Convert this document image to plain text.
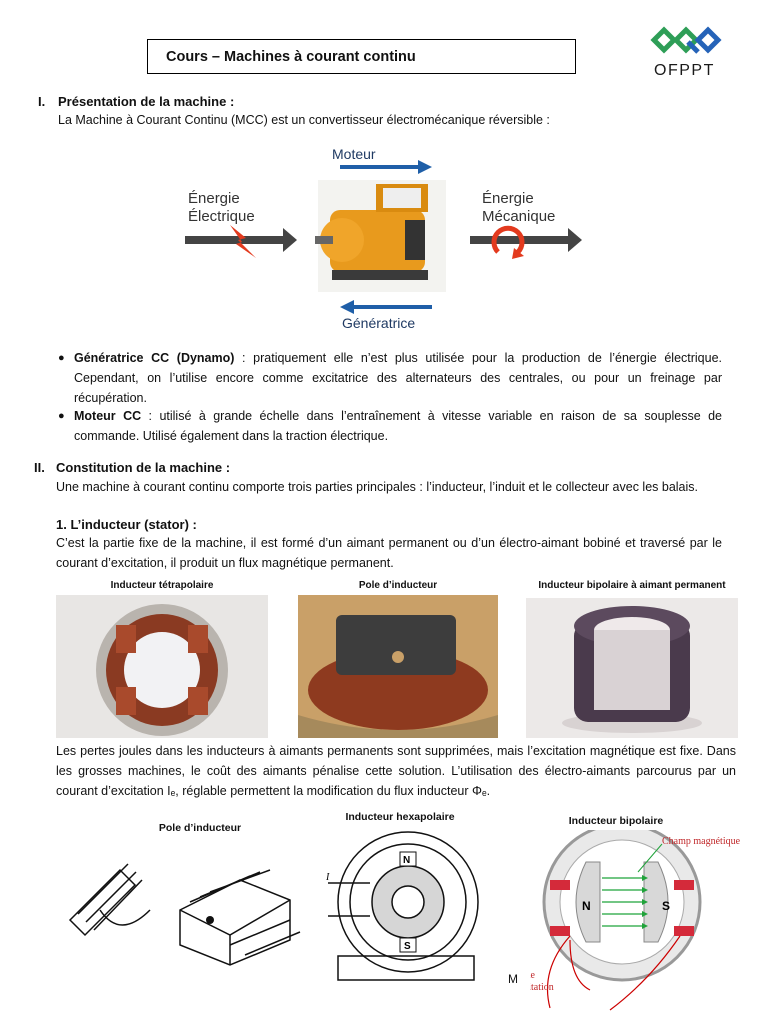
Cours – Machines à courant continu
OFPPT
I. Présentation de la machine :
La Machine à Courant Continu (MCC) est un convertisseur électromécanique réversible :
Moteur
Génératrice
Énergie
Électrique
Énergie
Mécanique
● Génératrice CC (Dynamo) : pratiquement elle n’est plus utilisée pour la production de l’énergie électrique. Cependant, on l’utilise encore comme excitatrice des alternateurs des centrales, ou pour un freinage par récupération.
● Moteur CC : utilisé à grande échelle dans l’entraînement à vitesse variable en raison de sa souplesse de commande. Utilisé également dans la traction électrique.
II. Constitution de la machine :
Une machine à courant continu comporte trois parties principales : l’inducteur, l’induit et le collecteur avec les balais.
1. L’inducteur (stator) :
C’est la partie fixe de la machine, il est formé d’un aimant permanent ou d’un électro-aimant bobiné et traversé par le courant d’excitation, il produit un flux magnétique permanent.
Inducteur tétrapolaire	Pole d’inducteur	Inducteur bipolaire à aimant permanent
Les pertes joules dans les inducteurs à aimants permanents sont supprimées, mais l’excitation magnétique est fixe. Dans les grosses machines, le coût des aimants pénalise cette solution. L’utilisation des électro-aimants parcourus par un courant d’excitation Iₑ, réglable permettent la modification du flux inducteur Φₑ.
Pole d’inducteur
Inducteur hexapolaire
N
S
I
Inducteur bipolaire
N	S
Champ magnétique
e
tation
M
